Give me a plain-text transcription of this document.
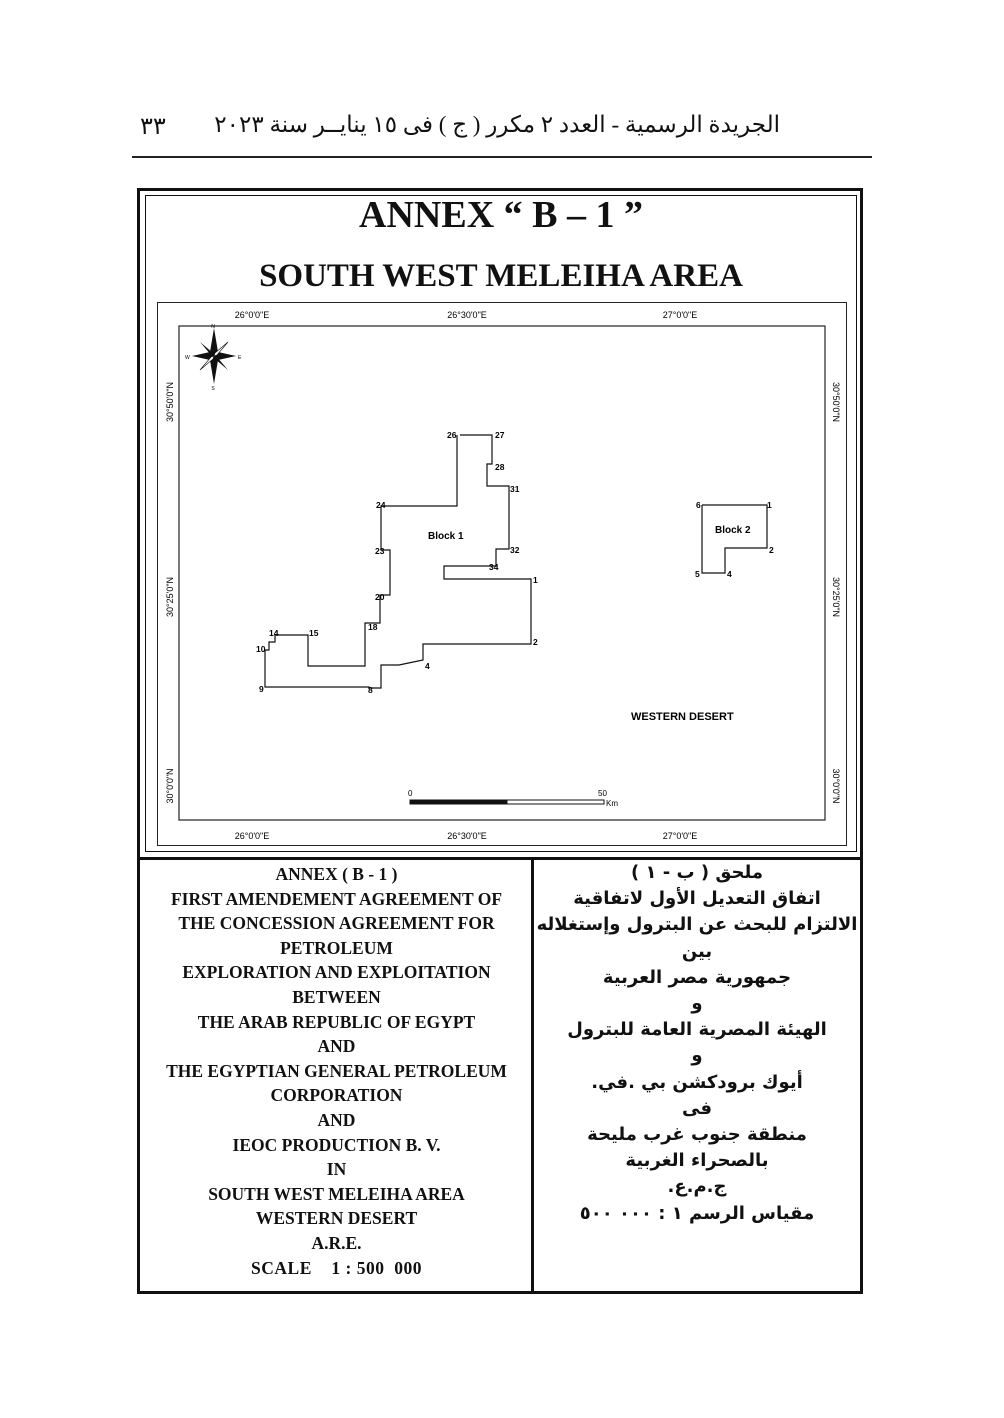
الجريدة الرسمية - العدد ٢ مكرر ( ج ) فى ١٥ ينايــر سنة ٢٠٢٣
٣٣
ANNEX “ B – 1 ”
SOUTH WEST MELEIHA AREA
26°0'0"E	26°30'0"E	27°0'0"E
26°0'0"E	26°30'0"E	27°0'0"E
30°50'0"N
30°25'0"N
30°0'0"N
30°50'0"N
30°25'0"N
30°0'0"N
N
S
E
W
1
2
4
8
9
10
14	15
18
20
23
24
26	27
28
31
32
34
Block 1
1
2
4
5
6
Block 2
WESTERN DESERT
0	50
Km
ANNEX ( B - 1 )
FIRST AMENDEMENT AGREEMENT OF
THE CONCESSION AGREEMENT FOR
PETROLEUM
EXPLORATION AND EXPLOITATION
BETWEEN
THE ARAB REPUBLIC OF EGYPT
AND
THE EGYPTIAN GENERAL PETROLEUM
CORPORATION
AND
IEOC PRODUCTION B. V.
IN
SOUTH WEST MELEIHA AREA
WESTERN DESERT
A.R.E.
SCALE    1 : 500  000
ملحق ( ب - ١ )
اتفاق التعديل الأول لاتفاقية
الالتزام للبحث عن البترول وإستغلاله
بين
جمهورية مصر العربية
و
الهيئة المصرية العامة للبترول
و
أيوك برودكشن بي .في.
فى
منطقة جنوب غرب مليحة
بالصحراء الغربية
ج.م.ع.
مقياس الرسم ١ : ٠٠٠ ٥٠٠
